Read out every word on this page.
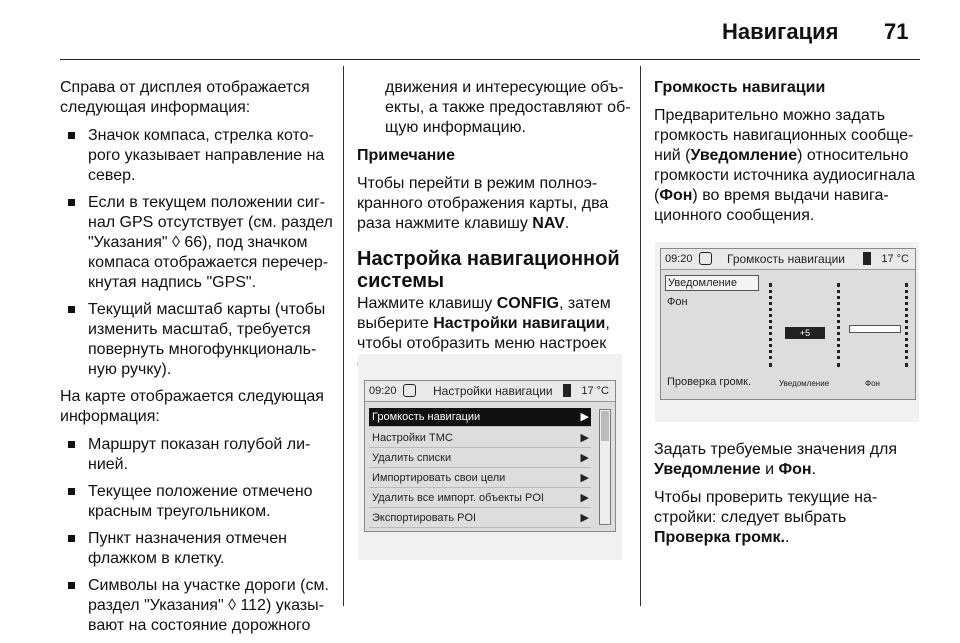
Навигация 71

Справа от дисплея отображается
следующая информация:

Значок компаса, стрелка кото-
рого указывает направление на
север.
Если в текущем положении сиг-
нал GPS отсутствует (см. раздел
"Указания" ◊ 66), под значком
компаса отображается перечер-
кнутая надпись "GPS".
Текущий масштаб карты (чтобы
изменить масштаб, требуется
повернуть многофункциональ-
ную ручку).

На карте отображается следующая
информация:

Маршрут показан голубой ли-
нией.
Текущее положение отмечено
красным треугольником.
Пункт назначения отмечен
флажком в клетку.
Символы на участке дороги (см.
раздел "Указания" ◊ 112) указы-
вают на состояние дорожного

движения и интересующие объ-
екты, а также предоставляют об-
щую информацию.

Примечание

Чтобы перейти в режим полноэ-
кранного отображения карты, два
раза нажмите клавишу NAV.

Настройка навигационной
системы

Нажмите клавишу CONFIG, затем
выберите Настройки навигации,
чтобы отобразить меню настроек

09:20	Настройки навигации	17 °C
Громкость навигации	▶
Настройки TMC	▶
Удалить списки	▶
Импортировать свои цели	▶
Удалить все импорт. объекты POI	▶
Экспортировать POI	▶

Громкость навигации

Предварительно можно задать
громкость навигационных сообще-
ний (Уведомление) относительно
громкости источника аудиосигнала
(Фон) во время выдачи навига-
ционного сообщения.

09:20	Громкость навигации	17 °C
Уведомление
Фон
Проверка громк.
+5
Уведомление	Фон

Задать требуемые значения для
Уведомление и Фон.

Чтобы проверить текущие на-
стройки: следует выбрать
Проверка громк..
